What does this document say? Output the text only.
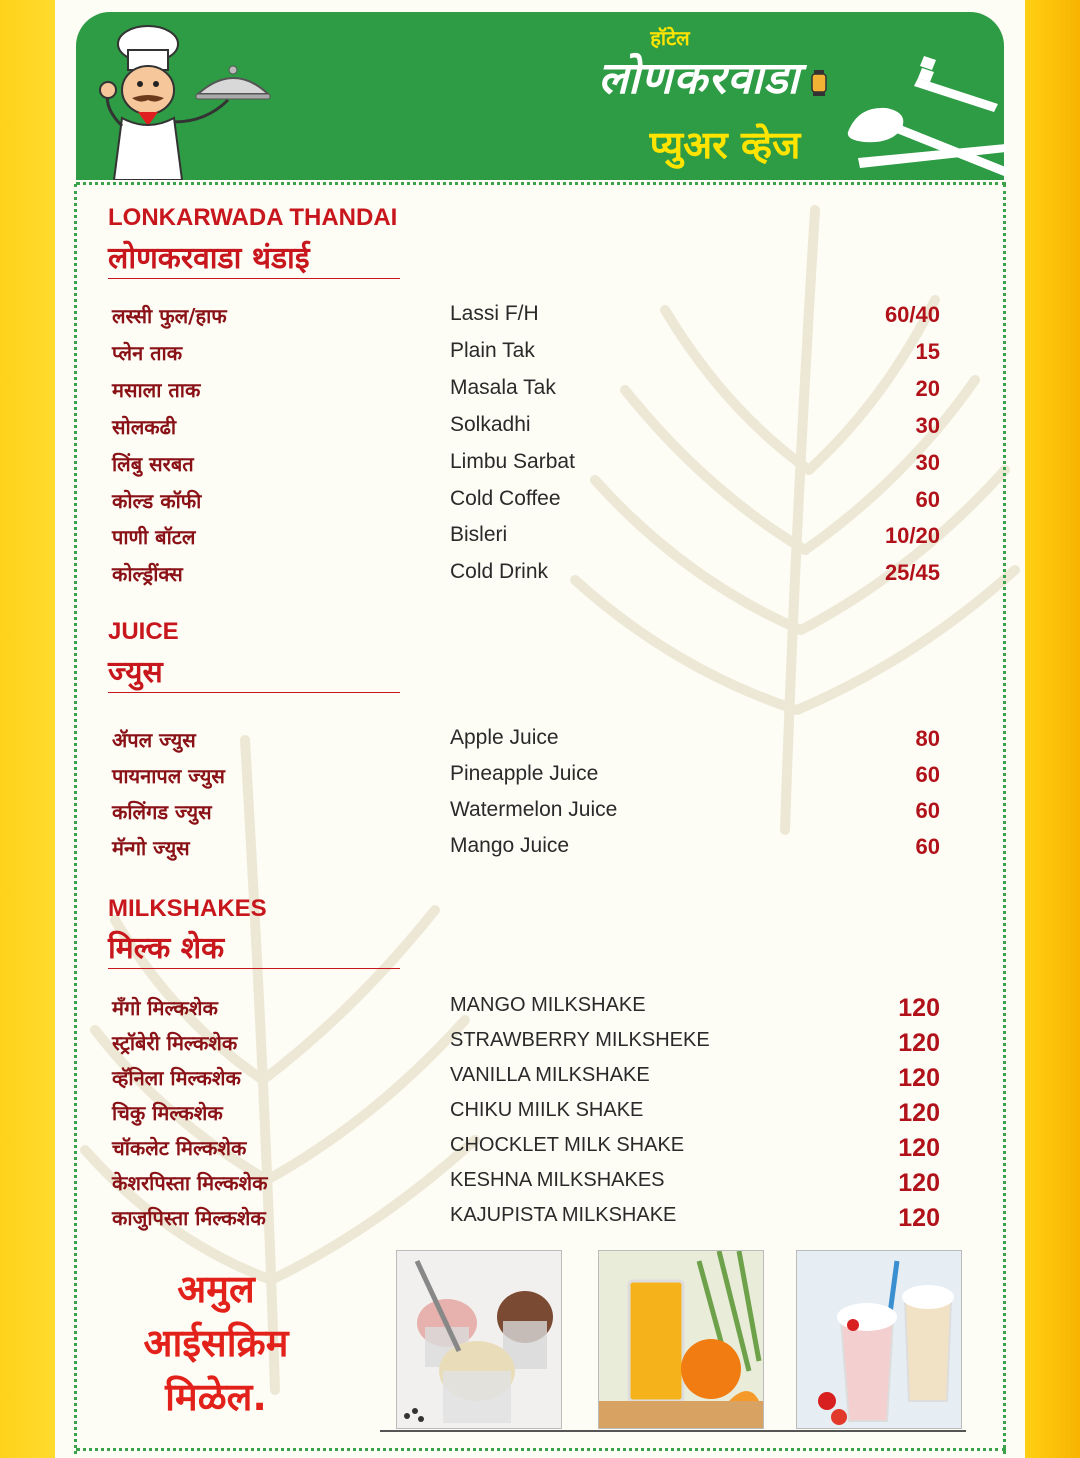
हॉटेल
लोणकरवाडा
प्युअर व्हेज
LONKARWADA THANDAI
लोणकरवाडा थंडाई
लस्सी फुल/हाफ	Lassi F/H	60/40
प्लेन ताक	Plain Tak	15
मसाला ताक	Masala Tak	20
सोलकढी	Solkadhi	30
लिंबु सरबत	Limbu Sarbat	30
कोल्ड कॉफी	Cold Coffee	60
पाणी बॉटल	Bisleri	10/20
कोल्ड्रींक्स	Cold Drink	25/45
JUICE
ज्युस
ॲपल ज्युस	Apple Juice	80
पायनापल ज्युस	Pineapple Juice	60
कलिंगड ज्युस	Watermelon Juice	60
मॅन्गो ज्युस	Mango Juice	60
MILKSHAKES
मिल्क शेक
मॅंगो मिल्कशेक	MANGO MILKSHAKE	120
स्ट्रॉबेरी मिल्कशेक	STRAWBERRY MILKSHEKE	120
व्हॅनिला मिल्कशेक	VANILLA MILKSHAKE	120
चिकु मिल्कशेक	CHIKU MIILK SHAKE	120
चॉकलेट मिल्कशेक	CHOCKLET MILK SHAKE	120
केशरपिस्ता मिल्कशेक	KESHNA MILKSHAKES	120
काजुपिस्ता मिल्कशेक	KAJUPISTA MILKSHAKE	120
अमुल
आईसक्रिम
मिळेल.
